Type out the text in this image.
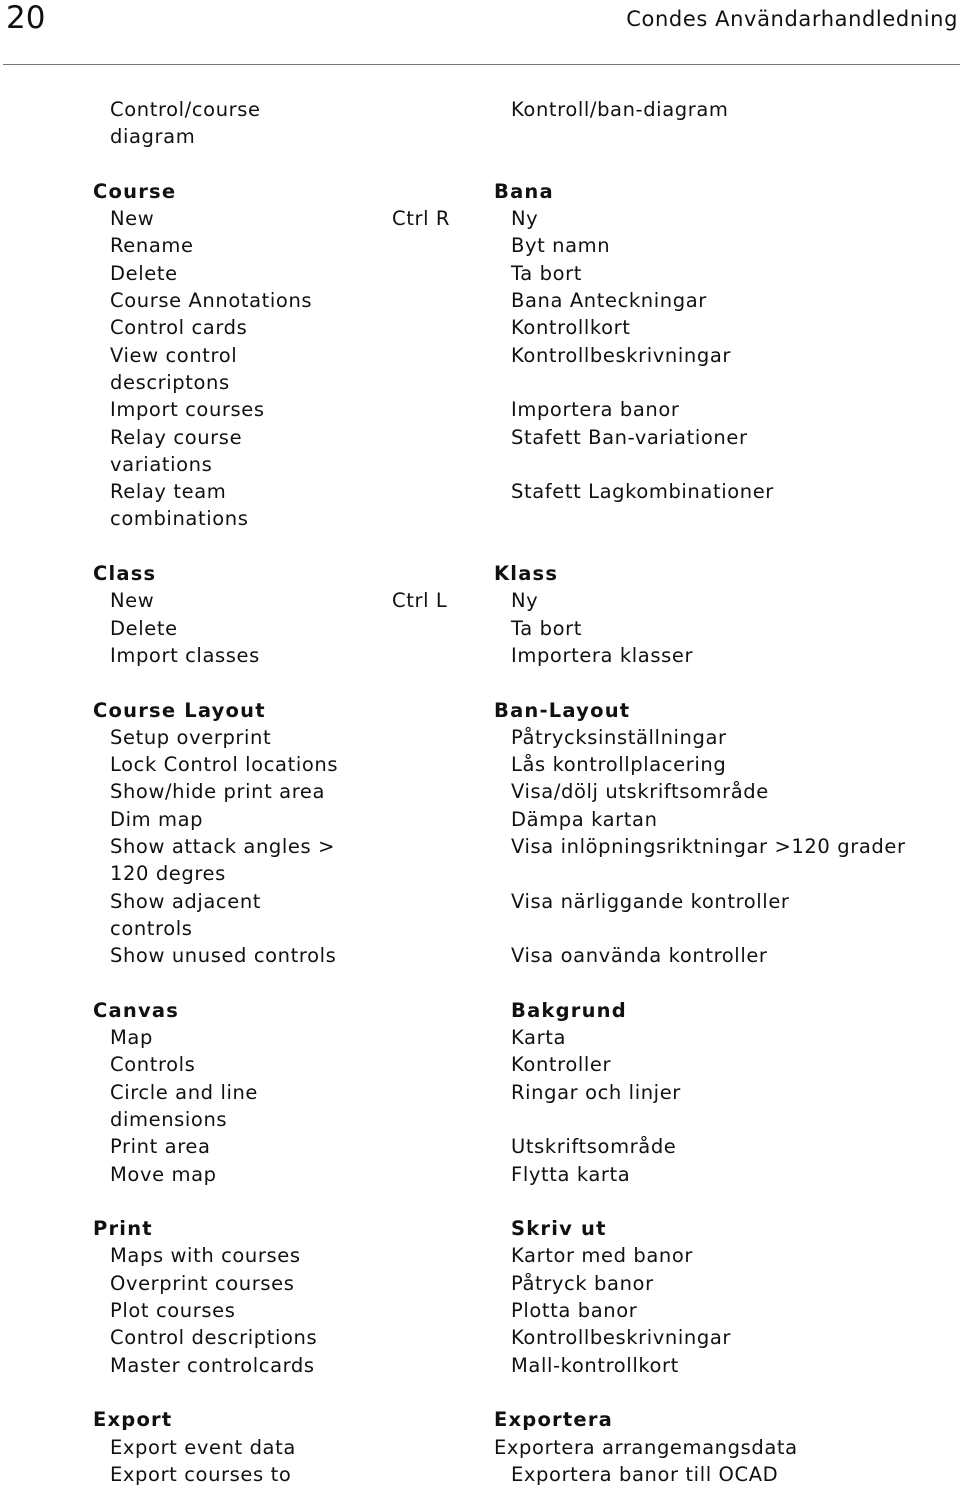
20	Condes Användarhandledning
Control/course	Kontroll/ban-diagram
diagram
Course	Bana
New	Ctrl R	Ny
Rename	Byt namn
Delete	Ta bort
Course Annotations	Bana Anteckningar
Control cards	Kontrollkort
View control	Kontrollbeskrivningar
descriptons
Import courses	Importera banor
Relay course	Stafett Ban-variationer
variations
Relay team	Stafett Lagkombinationer
combinations
Class	Klass
New	Ctrl L	Ny
Delete	Ta bort
Import classes	Importera klasser
Course Layout	Ban-Layout
Setup overprint	Påtrycksinställningar
Lock Control locations	Lås kontrollplacering
Show/hide print area	Visa/dölj utskriftsområde
Dim map	Dämpa kartan
Show attack angles >	Visa inlöpningsriktningar >120 grader
120 degres
Show adjacent	Visa närliggande kontroller
controls
Show unused controls	Visa oanvända kontroller
Canvas	Bakgrund
Map	Karta
Controls	Kontroller
Circle and line	Ringar och linjer
dimensions
Print area	Utskriftsområde
Move map	Flytta karta
Print	Skriv ut
Maps with courses	Kartor med banor
Overprint courses	Påtryck banor
Plot courses	Plotta banor
Control descriptions	Kontrollbeskrivningar
Master controlcards	Mall-kontrollkort
Export	Exportera
Export event data	Exportera arrangemangsdata
Export courses to	Exportera banor till OCAD
